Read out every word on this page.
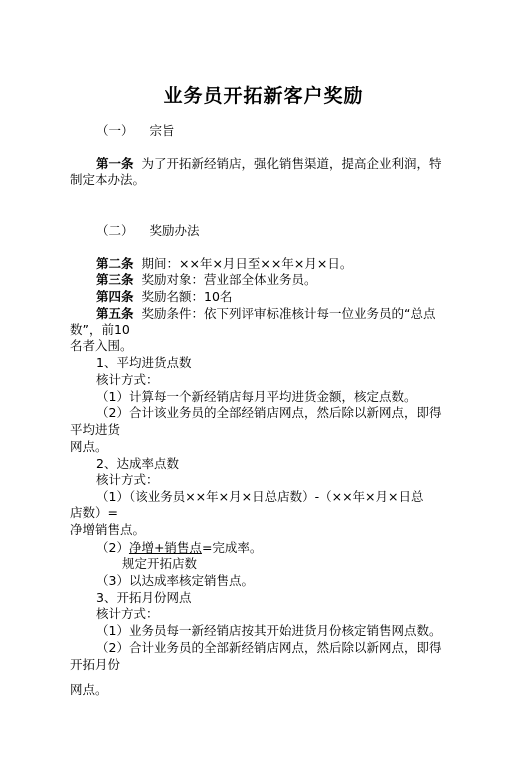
业务员开拓新客户奖励
（一） 宗旨
第一条 为了开拓新经销店，强化销售渠道，提高企业利润，特
制定本办法。
（二） 奖励办法
第二条 期间：××年×月日至××年×月×日。
第三条 奖励对象：营业部全体业务员。
第四条 奖励名额：10名
第五条 奖励条件：依下列评审标准核计每一位业务员的“总点
数”，前10
名者入围。
1、平均进货点数
核计方式：
（1）计算每一个新经销店每月平均进货金额，核定点数。
（2）合计该业务员的全部经销店网点，然后除以新网点，即得
平均进货
网点。
2、达成率点数
核计方式：
（1）（该业务员××年×月×日总店数）-（××年×月×日总
店数）=
净增销售点。
（2）净增+销售点=完成率。
规定开拓店数
（3）以达成率核定销售点。
3、开拓月份网点
核计方式：
（1）业务员每一新经销店按其开始进货月份核定销售网点数。
（2）合计业务员的全部新经销店网点，然后除以新网点，即得
开拓月份
网点。
